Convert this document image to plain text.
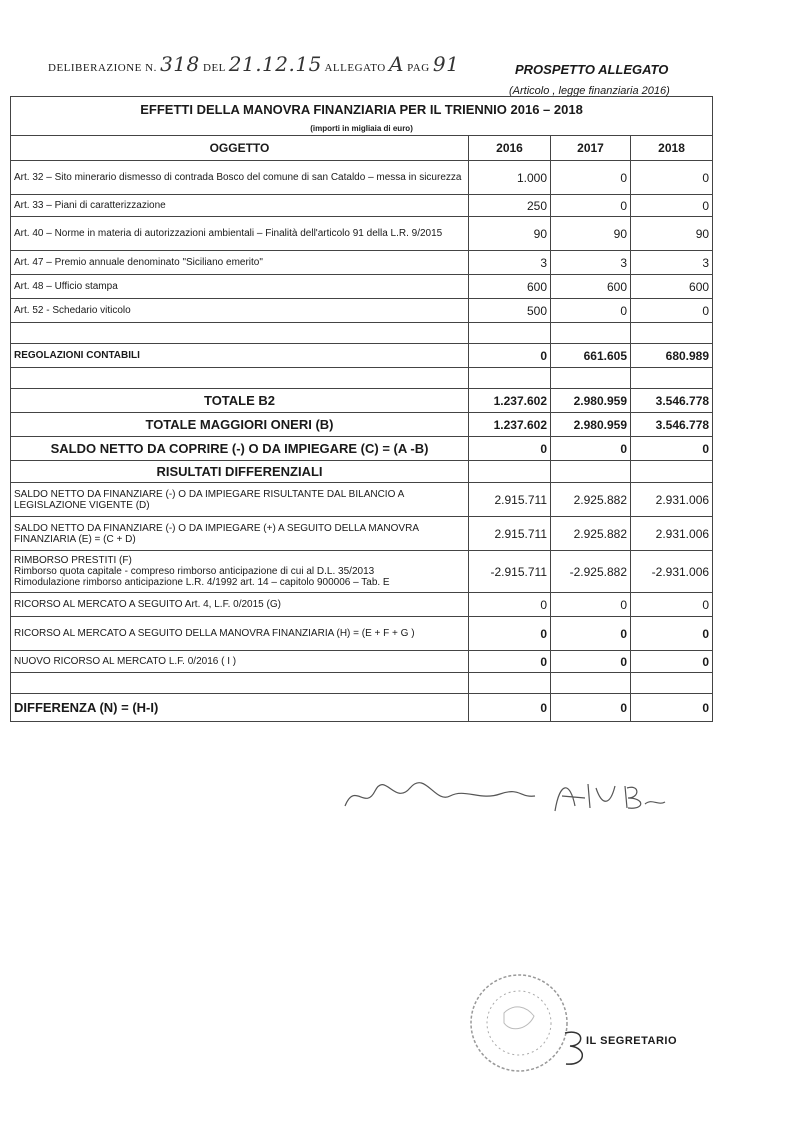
DELIBERAZIONE N. 318 DEL 21.12.15 ALLEGATO A PAG 91	PROSPETTO ALLEGATO
(Articolo , legge finanziaria 2016)
EFFETTI DELLA MANOVRA FINANZIARIA PER IL TRIENNIO 2016 – 2018			
(importi in migliaia di euro)			
OGGETTO	2016	2017	2018
Art. 32 – Sito minerario dismesso di contrada Bosco del comune di san Cataldo – messa in sicurezza	1.000	0	0
Art. 33 – Piani di caratterizzazione	250	0	0
Art. 40 – Norme in materia di autorizzazioni ambientali – Finalità dell'articolo 91 della L.R. 9/2015	90	90	90
Art. 47 – Premio annuale denominato "Siciliano emerito"	3	3	3
Art. 48 – Ufficio stampa	600	600	600
Art. 52 - Schedario viticolo	500	0	0

REGOLAZIONI CONTABILI	0	661.605	680.989

TOTALE B2	1.237.602	2.980.959	3.546.778
TOTALE MAGGIORI ONERI (B)	1.237.602	2.980.959	3.546.778
SALDO NETTO DA COPRIRE (-) O DA IMPIEGARE (C) = (A -B)	0	0	0
RISULTATI DIFFERENZIALI			
SALDO NETTO DA FINANZIARE (-) O DA IMPIEGARE RISULTANTE DAL BILANCIO A LEGISLAZIONE VIGENTE (D)	2.915.711	2.925.882	2.931.006
SALDO NETTO DA FINANZIARE (-) O DA IMPIEGARE (+) A SEGUITO DELLA MANOVRA FINANZIARIA (E) = (C + D)	2.915.711	2.925.882	2.931.006

RIMBORSO PRESTITI (F)
Rimborso quota capitale - compreso rimborso anticipazione di cui al D.L. 35/2013
Rimodulazione rimborso anticipazione L.R. 4/1992 art. 14 – capitolo 900006 – Tab. E	-2.915.711	-2.925.882	-2.931.006
RICORSO AL MERCATO A SEGUITO Art. 4, L.F. 0/2015 (G)	0	0	0
RICORSO AL MERCATO A SEGUITO DELLA MANOVRA FINANZIARIA (H) = (E + F + G )	0	0	0
NUOVO RICORSO AL MERCATO L.F. 0/2016 ( I )	0	0	0

DIFFERENZA (N) = (H-I)	0	0	0
IL SEGRETARIO
